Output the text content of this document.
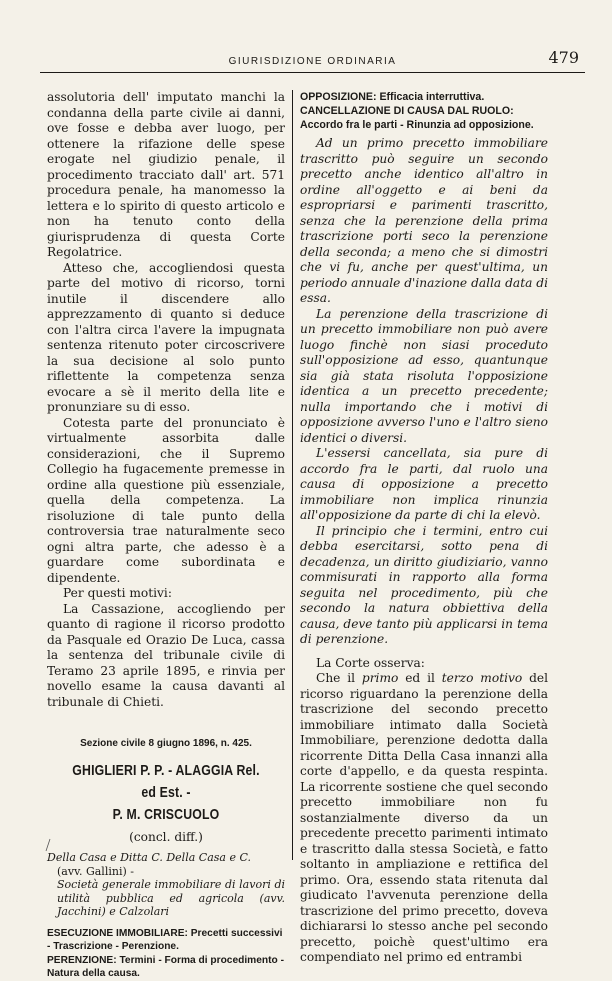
GIURISDIZIONE ORDINARIA	479

assolutoria dell' imputato manchi la condanna della parte civile ai danni, ove fosse e debba aver luogo, per ottenere la rifazione delle spese erogate nel giudizio penale, il procedimento tracciato dall' art. 571 procedura penale, ha manomesso la lettera e lo spirito di questo articolo e non ha tenuto conto della giurisprudenza di questa Corte Regolatrice.

Atteso che, accogliendosi questa parte del motivo di ricorso, torni inutile il discendere allo apprezzamento di quanto si deduce con l'altra circa l'avere la impugnata sentenza ritenuto poter circoscrivere la sua decisione al solo punto riflettente la competenza senza evocare a sè il merito della lite e pronunziare su di esso.

Cotesta parte del pronunciato è virtualmente assorbita dalle considerazioni, che il Supremo Collegio ha fugacemente premesse in ordine alla questione più essenziale, quella della competenza. La risoluzione di tale punto della controversia trae naturalmente seco ogni altra parte, che adesso è a guardare come subordinata e dipendente.

Per questi motivi:

La Cassazione, accogliendo per quanto di ragione il ricorso prodotto da Pasquale ed Orazio De Luca, cassa la sentenza del tribunale civile di Teramo 23 aprile 1895, e rinvia per novello esame la causa davanti al tribunale di Chieti.

Sezione civile 8 giugno 1896, n. 425.

GHIGLIERI P. P. - ALAGGIA Rel. ed Est. -
P. M. CRISCUOLO

(concl. diff.)

Della Casa e Ditta C. Della Casa e C.

(avv. Gallini) -

Società generale immobiliare di lavori di utilità pubblica ed agricola (avv. Jacchini) e Calzolari

ESECUZIONE IMMOBILIARE: Precetti successivi - Trascrizione - Perenzione.

PERENZIONE: Termini - Forma di procedimento - Natura della causa.

OPPOSIZIONE: Efficacia interruttiva.

CANCELLAZIONE DI CAUSA DAL RUOLO: Accordo fra le parti - Rinunzia ad opposizione.

Ad un primo precetto immobiliare trascritto può seguire un secondo precetto anche identico all'altro in ordine all'oggetto e ai beni da espropriarsi e parimenti trascritto, senza che la perenzione della prima trascrizione porti seco la perenzione della seconda; a meno che si dimostri che vi fu, anche per quest'ultima, un periodo annuale d'inazione dalla data di essa.

La perenzione della trascrizione di un precetto immobiliare non può avere luogo finchè non siasi proceduto sull'opposizione ad esso, quantunque sia già stata risoluta l'opposizione identica a un precetto precedente; nulla importando che i motivi di opposizione avverso l'uno e l'altro sieno identici o diversi.

L'essersi cancellata, sia pure di accordo fra le parti, dal ruolo una causa di opposizione a precetto immobiliare non implica rinunzia all'opposizione da parte di chi la elevò.

Il principio che i termini, entro cui debba esercitarsi, sotto pena di decadenza, un diritto giudiziario, vanno commisurati in rapporto alla forma seguita nel procedimento, più che secondo la natura obbiettiva della causa, deve tanto più applicarsi in tema di perenzione.

La Corte osserva:

Che il primo ed il terzo motivo del ricorso riguardano la perenzione della trascrizione del secondo precetto immobiliare intimato dalla Società Immobiliare, perenzione dedotta dalla ricorrente Ditta Della Casa innanzi alla corte d'appello, e da questa respinta. La ricorrente sostiene che quel secondo precetto immobiliare non fu sostanzialmente diverso da un precedente precetto parimenti intimato e trascritto dalla stessa Società, e fatto soltanto in ampliazione e rettifica del primo. Ora, essendo stata ritenuta dal giudicato l'avvenuta perenzione della trascrizione del primo precetto, doveva dichiararsi lo stesso anche pel secondo precetto, poichè quest'ultimo era compendiato nel primo ed entrambi
